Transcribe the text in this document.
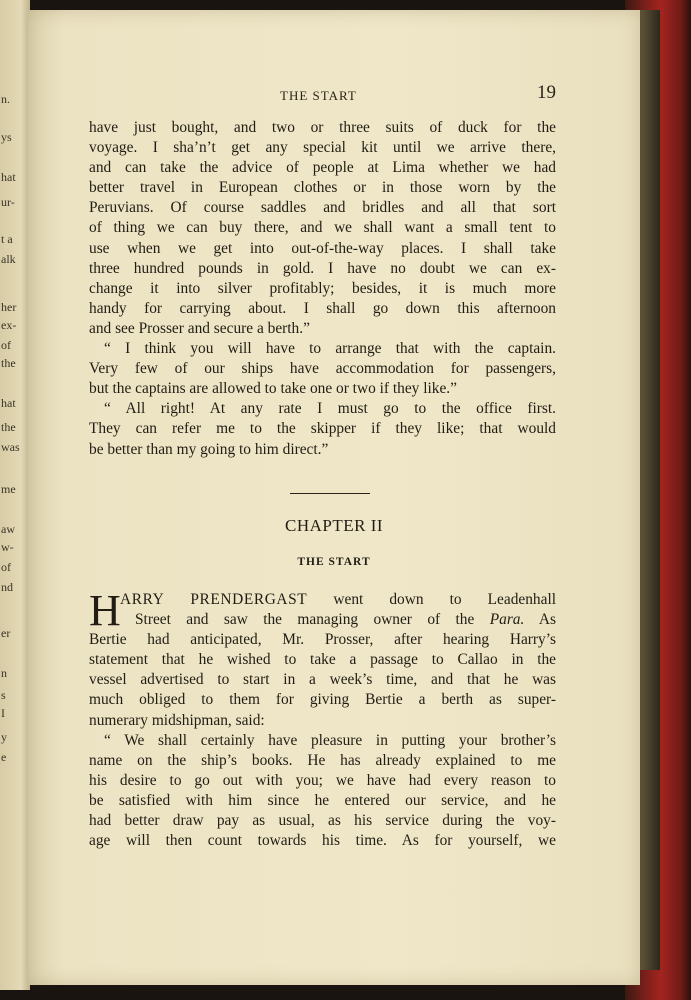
n.
ys
hat
ur-
t a
alk
her
ex-
of
the
hat
the
was
me
aw
w-
of
nd
er
n
s
I
y
e
THE START	19
have just bought, and two or three suits of duck for the
voyage. I sha’n’t get any special kit until we arrive there,
and can take the advice of people at Lima whether we had
better travel in European clothes or in those worn by the
Peruvians. Of course saddles and bridles and all that sort
of thing we can buy there, and we shall want a small tent to
use when we get into out-of-the-way places. I shall take
three hundred pounds in gold. I have no doubt we can ex-
change it into silver profitably; besides, it is much more
handy for carrying about. I shall go down this afternoon
and see Prosser and secure a berth.”
“ I think you will have to arrange that with the captain.
Very few of our ships have accommodation for passengers,
but the captains are allowed to take one or two if they like.”
“ All right! At any rate I must go to the office first.
They can refer me to the skipper if they like; that would
be better than my going to him direct.”
CHAPTER II
THE START
H ARRY PRENDERGAST went down to Leadenhall
Street and saw the managing owner of the Para. As
Bertie had anticipated, Mr. Prosser, after hearing Harry’s
statement that he wished to take a passage to Callao in the
vessel advertised to start in a week’s time, and that he was
much obliged to them for giving Bertie a berth as super-
numerary midshipman, said:
“ We shall certainly have pleasure in putting your brother’s
name on the ship’s books. He has already explained to me
his desire to go out with you; we have had every reason to
be satisfied with him since he entered our service, and he
had better draw pay as usual, as his service during the voy-
age will then count towards his time. As for yourself, we
